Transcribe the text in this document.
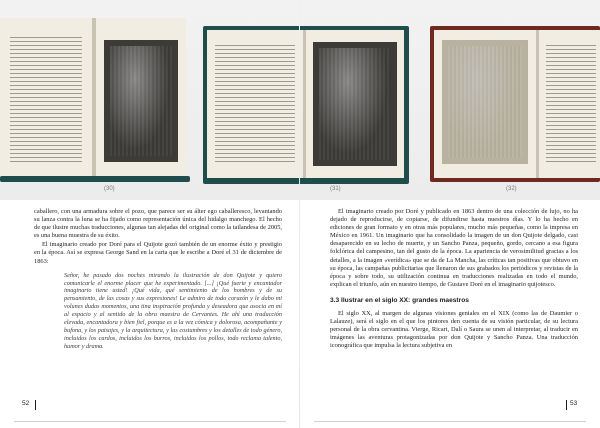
(30)	(31)	(32)

caballero, con una armadura sobre el pozo, que parece ser su álter ego caballeresco, levantando su lanza contra la luna se ha fijado como representación única del hidalgo manchego. El hecho de que ilustre muchas traducciones, algunas tan alejadas del original como la tailandesa de 2005, es una buena muestra de su éxito.

El imaginario creado por Doré para el Quijote gozó también de un enorme éxito y prestigio en la época. Así se expresa George Sand en la carta que le escribe a Doré el 31 de diciembre de 1863:

Señor, he pasado dos noches mirando la ilustración de don Quijote y quiero comunicarle el enorme placer que he experimentado. [...] ¡Qué fuerte y encantador imaginario tiene usted! ¡Qué vida, qué sentimiento de los hombres y de su pensamiento, de las cosas y sus expresiones! Le admiro de todo corazón y le dabo mi volunes dudas momentos, una tina inspiración profunda y deseadora que asocia en mí al espacio y al sentido de la obra maestra de Cervantes. He ahí una traducción elevada, encantadora y bien fiel, porque es a la vez cómica y dolorosa, acompañante y bufona, y los paisajes, y la arquitectura, y las costumbres y los detalles de todo género, incluidos los cardos, incluidos los burros, incluidos los pollos, todo reclama talento, humor y drama.

El imaginario creado por Doré y publicado en 1863 dentro de una colección de lujo, no ha dejado de reproducirse, de copiarse, de difundirse hasta nuestros días. Y lo ha hecho en ediciones de gran formato y en otras más populares, mucho más pequeñas, como la impresa en México en 1961. Un imaginario que ha consolidado la imagen de un don Quijote delgado, casi desaparecido en su lecho de muerte, y un Sancho Panza, pequeño, gordo, cercano a esa figura folclórica del campesino, tan del gusto de la época. La apariencia de verosimilitud gracias a los detalles, a la imagen «verídica» que se da de La Mancha, las críticas tan positivas que obtuvo en su época, las campañas publicitarias que llenaron de sus grabados los periódicos y revistas de la época y sobre todo, su utilización continua en traducciones realizadas en todo el mundo, explican el triunfo, aún en nuestro tiempo, de Gustave Doré en el imaginario quijotesco.

3.3 Ilustrar en el siglo XX: grandes maestros

El siglo XX, al margen de algunas visiones geniales en el XIX (como las de Daumier o Lalauze), será el siglo en el que los pintores den cuenta de su visión particular, de su lectura personal de la obra cervantina. Vierge, Ricart, Dalí o Saura se unen al interpretar, al traducir en imágenes las aventuras protagonizadas por don Quijote y Sancho Panza. Una traducción iconográfica que impulsa la lectura subjetiva en

52	53
